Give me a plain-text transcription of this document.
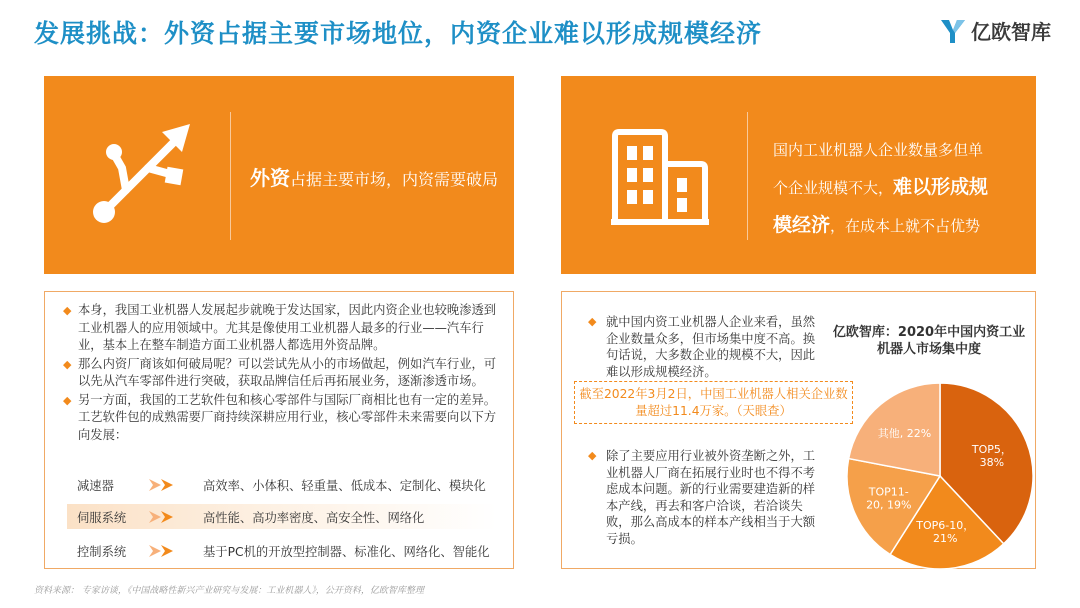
发展挑战：外资占据主要市场地位，内资企业难以形成规模经济	亿欧智库
外资占据主要市场，内资需要破局
国内工业机器人企业数量多但单
个企业规模不大，难以形成规
模经济，在成本上就不占优势
◆ 本身，我国工业机器人发展起步就晚于发达国家，因此内资企业也较晚渗透到工业机器人的应用领域中。尤其是像使用工业机器人最多的行业——汽车行业，基本上在整车制造方面工业机器人都选用外资品牌。
◆ 那么内资厂商该如何破局呢？可以尝试先从小的市场做起，例如汽车行业，可以先从汽车零部件进行突破，获取品牌信任后再拓展业务，逐渐渗透市场。
◆ 另一方面，我国的工艺软件包和核心零部件与国际厂商相比也有一定的差异。工艺软件包的成熟需要厂商持续深耕应用行业，核心零部件未来需要向以下方向发展：
减速器	高效率、小体积、轻重量、低成本、定制化、模块化
伺服系统	高性能、高功率密度、高安全性、网络化
控制系统	基于PC机的开放型控制器、标准化、网络化、智能化
◆ 就中国内资工业机器人企业来看，虽然企业数量众多，但市场集中度不高。换句话说，大多数企业的规模不大，因此难以形成规模经济。
截至2022年3月2日，中国工业机器人相关企业数量超过11.4万家。（天眼查）
◆ 除了主要应用行业被外资垄断之外，工业机器人厂商在拓展行业时也不得不考虑成本问题。新的行业需要建造新的样本产线，再去和客户洽谈，若洽谈失败，那么高成本的样本产线相当于大额亏损。
亿欧智库：2020年中国内资工业机器人市场集中度
TOP5， 38%
TOP6-10， 21%
TOP11-20, 19%
其他, 22%
资料来源： 专家访谈，《中国战略性新兴产业研究与发展：工业机器人》，公开资料，亿欧智库整理
